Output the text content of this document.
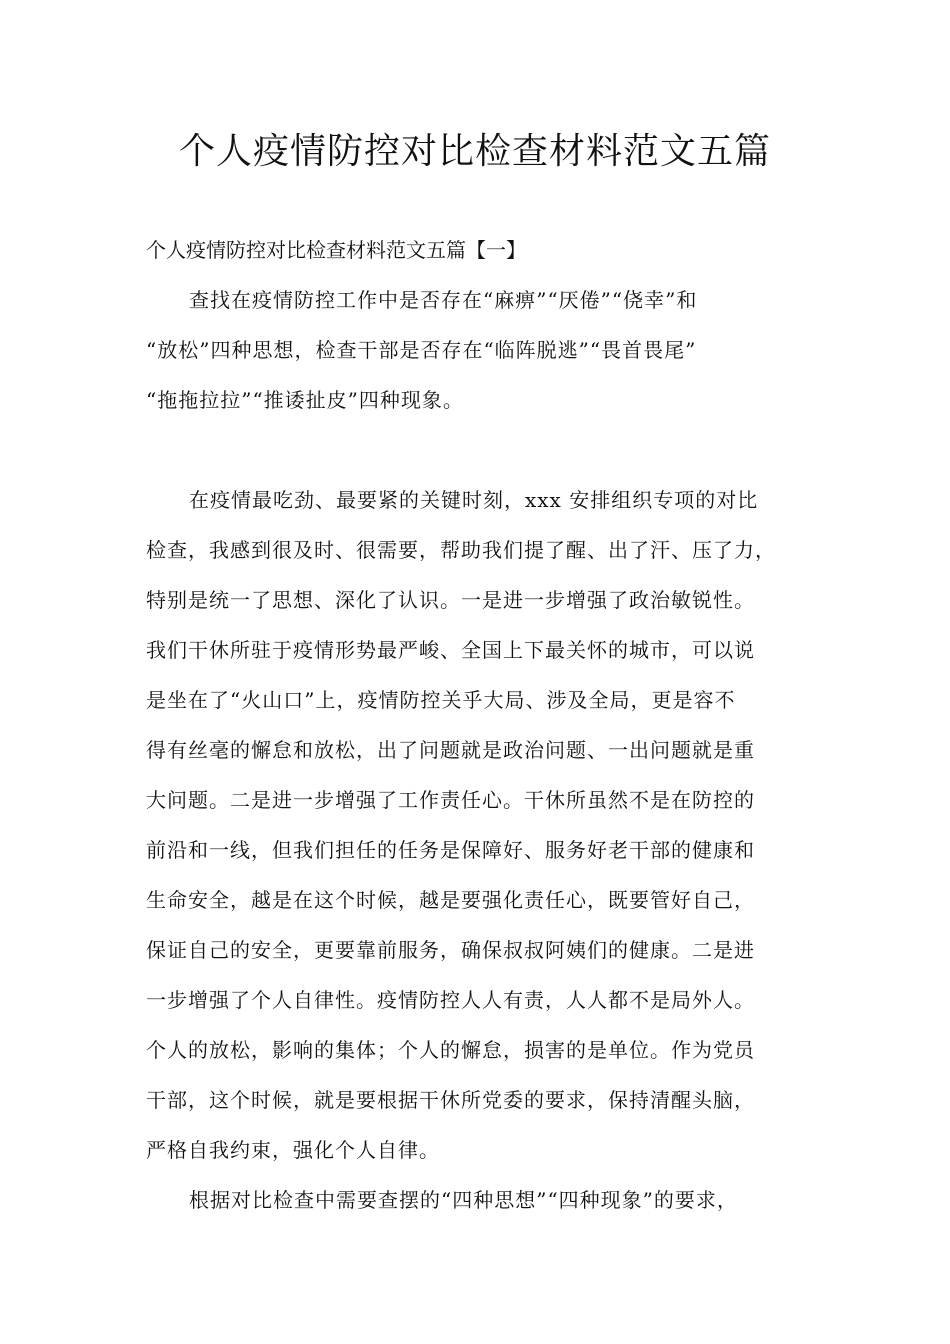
个人疫情防控对比检查材料范文五篇

个人疫情防控对比检查材料范文五篇【一】

查找在疫情防控工作中是否存在“麻痹”“厌倦”“侥幸”和

“放松”四种思想，检查干部是否存在“临阵脱逃”“畏首畏尾”

“拖拖拉拉”“推诿扯皮”四种现象。

在疫情最吃劲、最要紧的关键时刻，xxx 安排组织专项的对比

检查，我感到很及时、很需要，帮助我们提了醒、出了汗、压了力，

特别是统一了思想、深化了认识。一是进一步增强了政治敏锐性。

我们干休所驻于疫情形势最严峻、全国上下最关怀的城市，可以说

是坐在了“火山口”上，疫情防控关乎大局、涉及全局，更是容不

得有丝毫的懈怠和放松，出了问题就是政治问题、一出问题就是重

大问题。二是进一步增强了工作责任心。干休所虽然不是在防控的

前沿和一线，但我们担任的任务是保障好、服务好老干部的健康和

生命安全，越是在这个时候，越是要强化责任心，既要管好自己，

保证自己的安全，更要靠前服务，确保叔叔阿姨们的健康。二是进

一步增强了个人自律性。疫情防控人人有责，人人都不是局外人。

个人的放松，影响的集体；个人的懈怠，损害的是单位。作为党员

干部，这个时候，就是要根据干休所党委的要求，保持清醒头脑，

严格自我约束，强化个人自律。

根据对比检查中需要查摆的“四种思想”“四种现象”的要求，
